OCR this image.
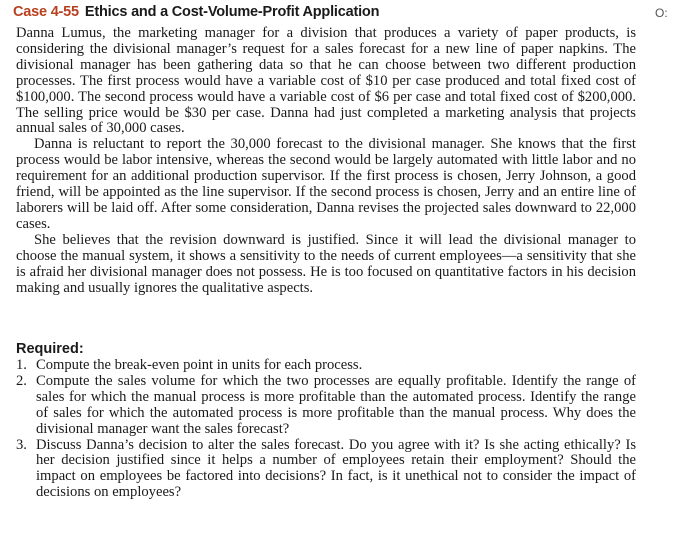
Case 4-55 Ethics and a Cost-Volume-Profit Application	O:

Danna Lumus, the marketing manager for a division that produces a variety of paper products, is considering the divisional manager’s request for a sales forecast for a new line of paper napkins. The divisional manager has been gathering data so that he can choose between two different production processes. The first process would have a variable cost of $10 per case produced and total fixed cost of $100,000. The second process would have a variable cost of $6 per case and total fixed cost of $200,000. The selling price would be $30 per case. Danna had just completed a marketing analysis that projects annual sales of 30,000 cases.

Danna is reluctant to report the 30,000 forecast to the divisional manager. She knows that the first process would be labor intensive, whereas the second would be largely automated with little labor and no requirement for an additional production supervisor. If the first process is chosen, Jerry Johnson, a good friend, will be appointed as the line supervisor. If the second process is chosen, Jerry and an entire line of laborers will be laid off. After some consideration, Danna revises the projected sales downward to 22,000 cases.

She believes that the revision downward is justified. Since it will lead the divisional manager to choose the manual system, it shows a sensitivity to the needs of current employees—a sensitivity that she is afraid her divisional manager does not possess. He is too focused on quantitative factors in his decision making and usually ignores the qualitative aspects.

Required:
1. Compute the break-even point in units for each process.
2. Compute the sales volume for which the two processes are equally profitable. Identify the range of sales for which the manual process is more profitable than the automated process. Identify the range of sales for which the automated process is more profitable than the manual process. Why does the divisional manager want the sales forecast?
3. Discuss Danna’s decision to alter the sales forecast. Do you agree with it? Is she acting ethically? Is her decision justified since it helps a number of employees retain their employment? Should the impact on employees be factored into decisions? In fact, is it unethical not to consider the impact of decisions on employees?
